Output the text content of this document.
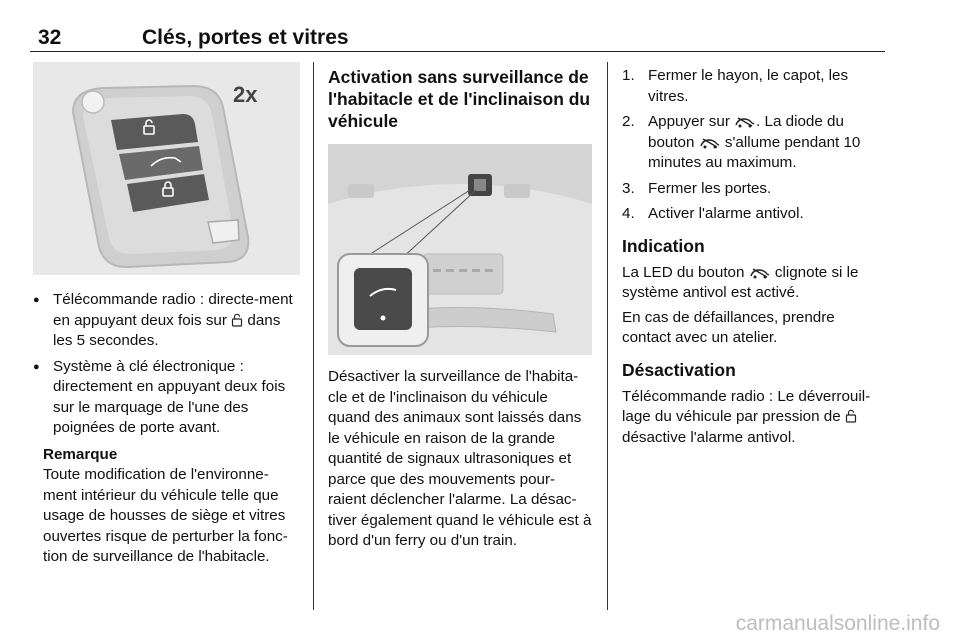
32	Clés, portes et vitres
2x
● Télécommande radio : directe-ment en appuyant deux fois sur  dans les 5 secondes.
● Système à clé électronique : directement en appuyant deux fois sur le marquage de l'une des poignées de porte avant.
Remarque
Toute modification de l'environne-ment intérieur du véhicule telle que usage de housses de siège et vitres ouvertes risque de perturber la fonc-tion de surveillance de l'habitacle.
Activation sans surveillance de l'habitacle et de l'inclinaison du véhicule

Désactiver la surveillance de l'habita-cle et de l'inclinaison du véhicule quand des animaux sont laissés dans le véhicule en raison de la grande quantité de signaux ultrasoniques et parce que des mouvements pour-raient déclencher l'alarme. La désac-tiver également quand le véhicule est à bord d'un ferry ou d'un train.

1. Fermer le hayon, le capot, les vitres.
2. Appuyer sur . La diode du bouton  s'allume pendant 10 minutes au maximum.
3. Fermer les portes.
4. Activer l'alarme antivol.
Indication

La LED du bouton  clignote si le système antivol est activé.

En cas de défaillances, prendre contact avec un atelier.

Désactivation

Télécommande radio : Le déverrouil-lage du véhicule par pression de  désactive l'alarme antivol.

carmanualsonline.info
